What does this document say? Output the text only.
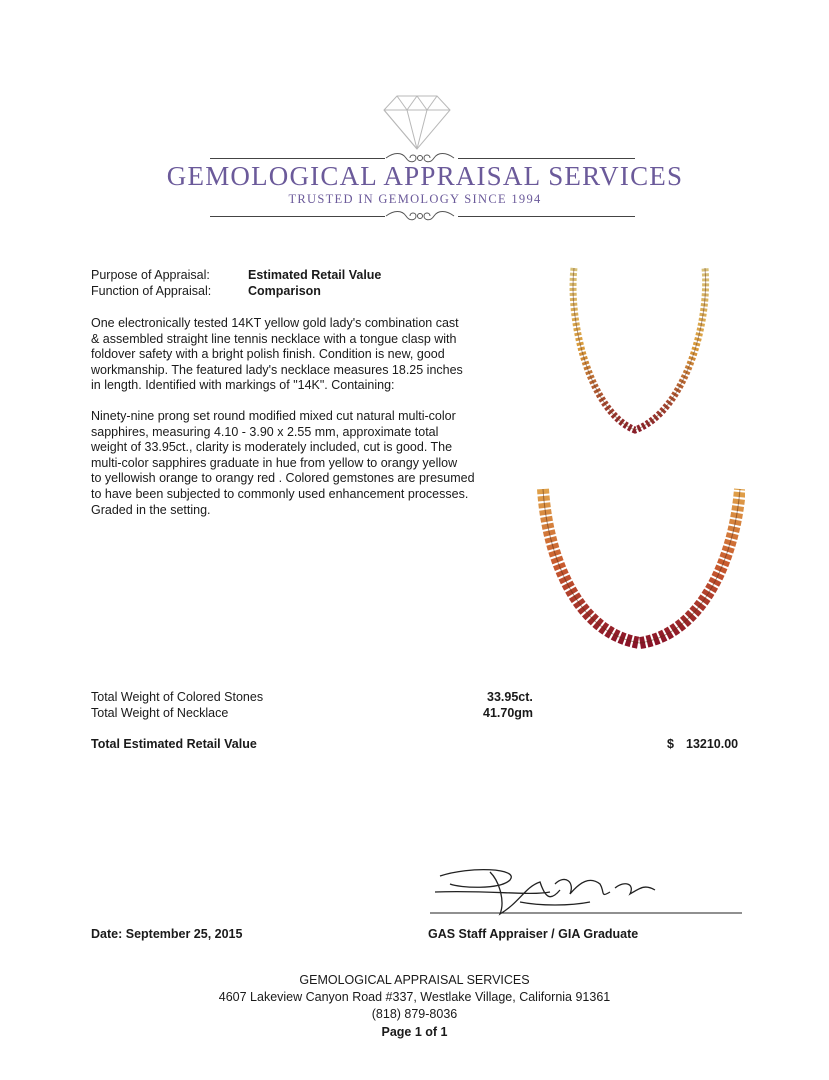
GEMOLOGICAL APPRAISAL SERVICES
TRUSTED IN GEMOLOGY SINCE 1994
Purpose of Appraisal:	Estimated Retail Value
Function of Appraisal:	Comparison
One electronically tested 14KT yellow gold lady's combination cast
& assembled straight line tennis necklace with a tongue clasp with
foldover safety with a bright polish finish. Condition is new, good
workmanship. The featured lady's necklace measures 18.25 inches
in length. Identified with markings of "14K". Containing:
Ninety-nine prong set round modified mixed cut natural multi-color
sapphires, measuring 4.10 - 3.90 x 2.55 mm, approximate total
weight of 33.95ct., clarity is moderately included, cut is good. The
multi-color sapphires graduate in hue from yellow to orangy yellow
to yellowish orange to orangy red . Colored gemstones are presumed
to have been subjected to commonly used enhancement processes.
Graded in the setting.
Total Weight of Colored Stones	33.95ct.
Total Weight of Necklace	41.70gm
Total Estimated Retail Value	$ 13210.00
Date: September 25, 2015	GAS Staff Appraiser / GIA Graduate
GEMOLOGICAL APPRAISAL SERVICES
4607 Lakeview Canyon Road #337, Westlake Village, California 91361
(818) 879-8036
Page 1 of 1
